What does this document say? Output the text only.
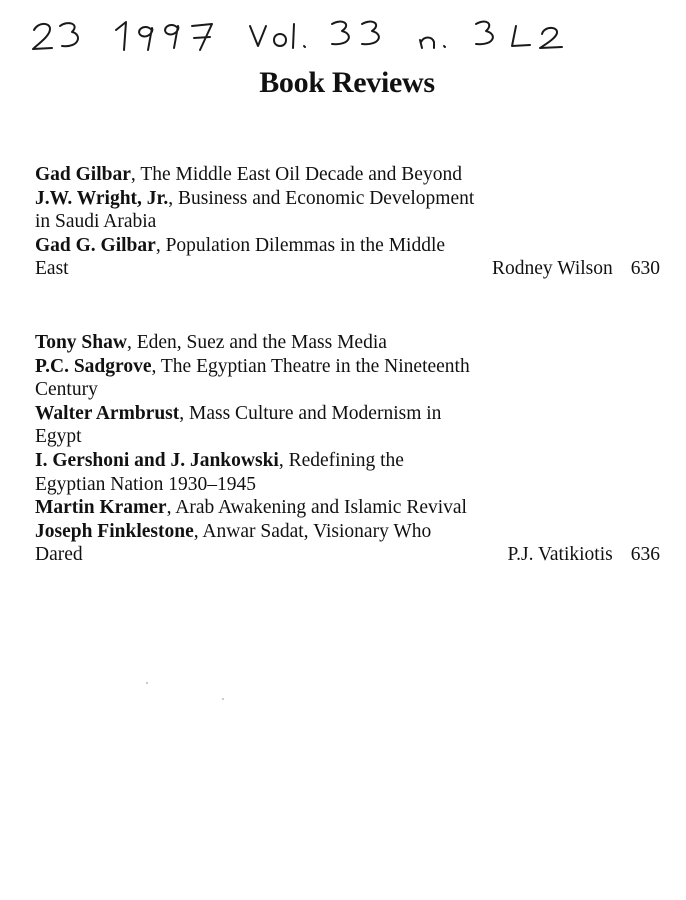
Book Reviews

Gad Gilbar, The Middle East Oil Decade and Beyond

J.W. Wright, Jr., Business and Economic Development in Saudi Arabia

Gad G. Gilbar, Population Dilemmas in the Middle East	Rodney Wilson 630

Tony Shaw, Eden, Suez and the Mass Media

P.C. Sadgrove, The Egyptian Theatre in the Nineteenth Century

Walter Armbrust, Mass Culture and Modernism in Egypt

I. Gershoni and J. Jankowski, Redefining the Egyptian Nation 1930–1945

Martin Kramer, Arab Awakening and Islamic Revival

Joseph Finklestone, Anwar Sadat, Visionary Who Dared	P.J. Vatikiotis 636
